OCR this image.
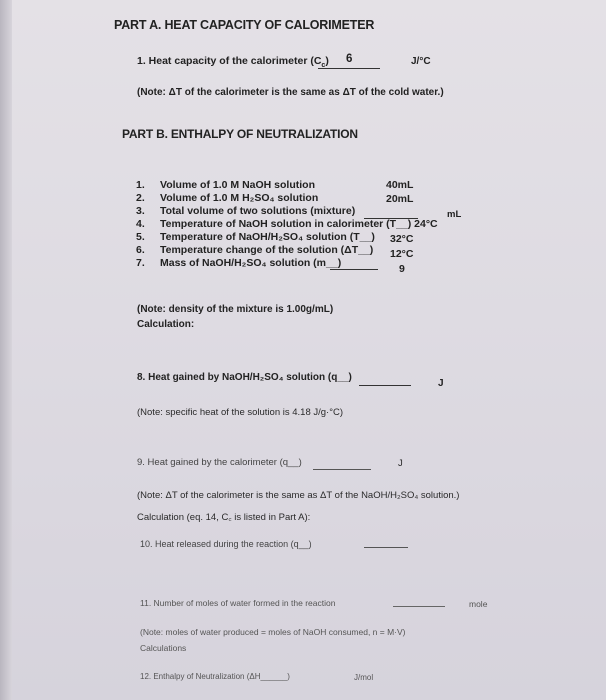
PART A. HEAT CAPACITY OF CALORIMETER
1. Heat capacity of the calorimeter $(C_c)$ 6	J/°C
(Note: ΔT of the calorimeter is the same as ΔT of the cold water.)
PART B. ENTHALPY OF NEUTRALIZATION
1. Volume of 1.0 M NaOH solution	40mL
2. Volume of 1.0 M H₂SO₄ solution	20mL
3. Total volume of two solutions (mixture)	mL
4. Temperature of NaOH solution in calorimeter (T__) 24°C
5. Temperature of NaOH/H₂SO₄ solution (T__) 32°C
6. Temperature change of the solution (ΔT__) 12°C
7. Mass of NaOH/H₂SO₄ solution (m__)	9
(Note: density of the mixture is 1.00g/mL)
Calculation:
8. Heat gained by NaOH/H₂SO₄ solution (q__)
J
(Note: specific heat of the solution is 4.18 J/g·°C)
9. Heat gained by the calorimeter (q__)	J
(Note: ΔT of the calorimeter is the same as ΔT of the NaOH/H₂SO₄ solution.)
Calculation (eq. 14, C꜀ is listed in Part A):
10. Heat released during the reaction (q__)
11. Number of moles of water formed in the reaction	mole
(Note: moles of water produced = moles of NaOH consumed, n = M·V)
Calculations
12. Enthalpy of Neutralization (ΔH______)	J/mol
